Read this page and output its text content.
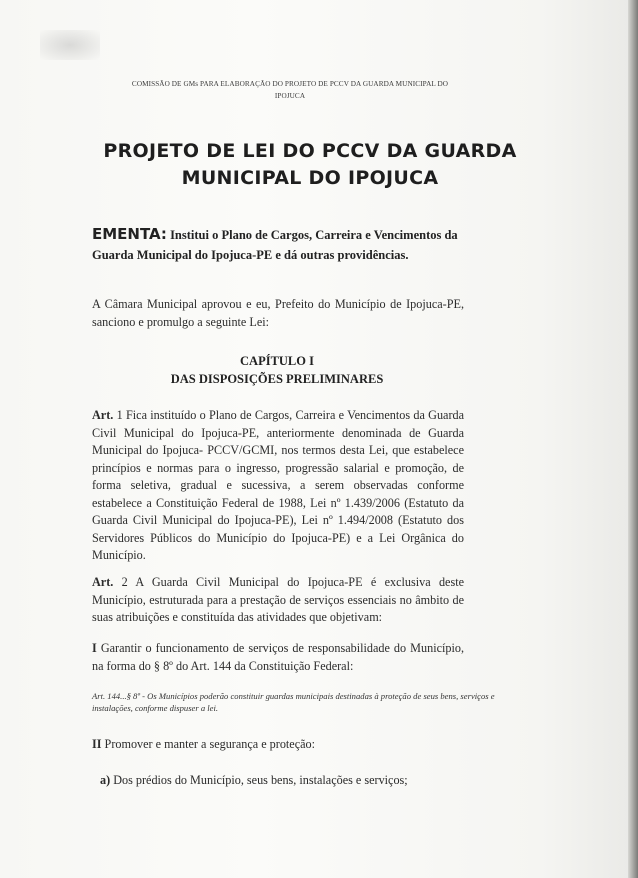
COMISSÃO DE GMs PARA ELABORAÇÃO DO PROJETO DE PCCV DA GUARDA MUNICIPAL DO
IPOJUCA
PROJETO DE LEI DO PCCV DA GUARDA
MUNICIPAL DO IPOJUCA
EMENTA: Institui o Plano de Cargos, Carreira e Vencimentos da Guarda Municipal do Ipojuca-PE e dá outras providências.
A Câmara Municipal aprovou e eu, Prefeito do Município de Ipojuca-PE, sanciono e promulgo a seguinte Lei:
CAPÍTULO I
DAS DISPOSIÇÕES PRELIMINARES
Art. 1 Fica instituído o Plano de Cargos, Carreira e Vencimentos da Guarda Civil Municipal do Ipojuca-PE, anteriormente denominada de Guarda Municipal do Ipojuca- PCCV/GCMI, nos termos desta Lei, que estabelece princípios e normas para o ingresso, progressão salarial e promoção, de forma seletiva, gradual e sucessiva, a serem observadas conforme estabelece a Constituição Federal de 1988, Lei nº 1.439/2006 (Estatuto da Guarda Civil Municipal do Ipojuca-PE), Lei nº 1.494/2008 (Estatuto dos Servidores Públicos do Município do Ipojuca-PE) e a Lei Orgânica do Município.
Art. 2 A Guarda Civil Municipal do Ipojuca-PE é exclusiva deste Município, estruturada para a prestação de serviços essenciais no âmbito de suas atribuições e constituída das atividades que objetivam:
I Garantir o funcionamento de serviços de responsabilidade do Município, na forma do § 8º do Art. 144 da Constituição Federal:
Art. 144...§ 8º - Os Municípios poderão constituir guardas municipais destinadas à proteção de seus bens, serviços e instalações, conforme dispuser a lei.
II Promover e manter a segurança e proteção:
a) Dos prédios do Município, seus bens, instalações e serviços;
